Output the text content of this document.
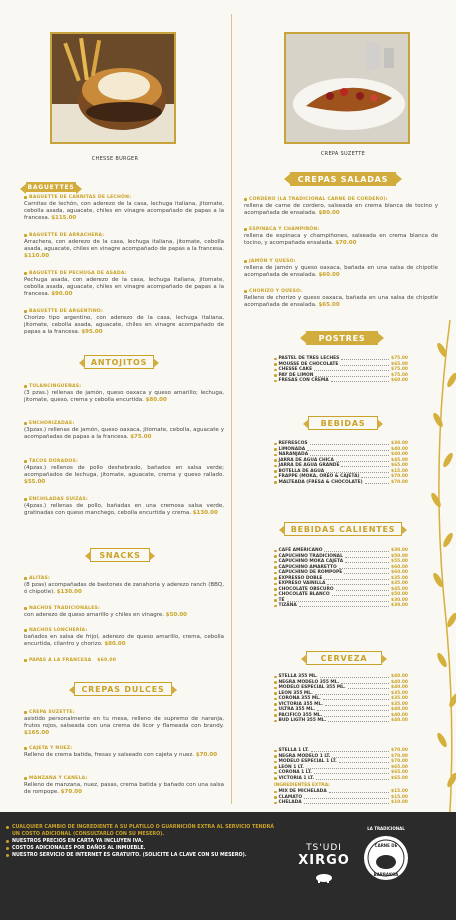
CHESSE BURGER
CREPA SUZETTE
BAGUETTES
BAGUETTE DE CARNITAS DE LECHÓN:
Carnitas de lechón, con aderezo de la casa, lechuga italiana, jitomate, cebolla asada, aguacate, chiles en vinagre acompañado de papas a la francesa. $115.00
BAGUETTE DE ARRACHERA:
Arrachera, con aderezo de la casa, lechuga italiana, jitomate, cebolla asada, aguacate, chiles en vinagre acompañado de papas a la francesa. $110.00
BAGUETTE DE PECHUGA DE ASADA:
Pechuga asada, con aderezo de la casa, lechuga italiana, jitomate, cebolla asada, aguacate, chiles en vinagre acompañado de papas a la francesa. $90.00
BAGUETTE DE ARGENTINO:
Chorizo tipo argentino, con aderezo de la casa, lechuga italiana, jitomate, cebolla asada, aguacate, chiles en vinagre acompañado de papas a la francesa. $95.00
ANTOJITOS
TULANCINGUEÑAS:
(3 pzas.) rellenas de jamón, queso oaxaca y queso amarillo; lechuga, jitomate, queso, crema y cebolla encurtida. $80.00
ENCHORIZADAS:
(3pzas.) rellenas de jamón, queso oaxaca, jitomate, cebolla, aguacate y acompañadas de papas a la francesa. $75.00
TACOS DORADOS:
(4pzas.) rellenos de pollo deshebrado, bañados en salsa verde; acompañados de lechuga, jitomate, aguacate, crema y queso rallado. $55.00
ENCHILADAS SUIZAS:
(4pzas.) rellenas de pollo, bañadas en una cremosa salsa verde, gratinadas con queso manchego, cebolla encurtida y crema. $130.00
SNACKS
ALITAS:
(8 pzas) acompañadas de bastones de zanahoria y aderezo ranch (BBQ, ó chipotle). $130.00
NACHOS TRADICIONALES:
con aderezo de queso amarillo y chiles en vinagre. $50.00
NACHOS LONCHERÍA:
bañados en salsa de frijol, aderezo de queso amarillo, crema, cebolla encurtida, cilantro y chorizo. $80.00
PAPAS A LA FRANCESA
$60.00
CREPAS DULCES
CREPA SUZETTE:
asistido personalmente en tu mesa, relleno de supremo de naranja, frutos rojos, salseada con una crema de licor y flameada con brandy. $165.00
CAJETA Y NUEZ:
Relleno de crema batida, fresas y salseado con cajeta y nuez. $70.00
MANZANA Y CANELA:
Relleno de manzana, nuez, pasas, crema batida y bañado con una salsa de rompope. $70.00
CREPAS SALADAS
CORDERO (LA TRADICIONAL CARNE DE CORDERO):
rellena de carne de cordero, salseada en crema blanca de tocino y acompañada de ensalada. $80.00
ESPINACA Y CHAMPIÑÓN:
rellena de espinaca y champiñones, salseada en crema blanca de tocino, y acompañada ensalada. $70.00
JAMÓN Y QUESO:
rellena de jamón y queso oaxaca, bañada en una salsa de chipotle acompañada de ensalada. $60.00
CHORIZO Y QUESO:
Relleno de chorizo y queso oaxaca, bañada en una salsa de chipotle acompañada de ensalada. $65.00
POSTRES
PASTEL DE TRES LECHES	$75.00
MOUSSE DE CHOCOLATE	$65.00
CHESSE CAKE	$75.00
PAY DE LIMON	$75.00
FRESAS CON CREMA	$60.00
BEBIDAS
REFRESCOS	$30.00
LIMONADA	$40.00
NARANJADA	$40.00
JARRA DE AGUA CHICA	$45.00
JARRA DE AGUA GRANDE	$65.00
BOTELLA DE AGUA	$15.00
FRAPPE (MOKA, OREO & CAJETA)	$70.00
MALTEADA (FRESA & CHOCOLATE)	$70.00
BEBIDAS CALIENTES
CAFÉ AMERICANO	$30.00
CAPUCHINO TRADICIONAL	$50.00
CAPUCHINO MOKA CAJETA	$55.00
CAPUCHINO AMARETTO	$60.00
CAPUCHINO DE ROMPOPE	$60.00
EXPRESSO DOBLE	$35.00
EXPRESO VAINILLA	$35.00
CHOCOLATE OBSCURO	$45.00
CHOCOLATE BLANCO	$50.00
TÉ	$30.00
TIZANA	$30.00
CERVEZA
STELLA 355 ML.	$40.00
NEGRA MODELO 355 ML.	$40.00
MODELO ESPECIAL 355 ML.	$40.00
LEON 355 ML.	$35.00
CORONA 355 ML.	$35.00
VICTORIA 355 ML.	$35.00
ULTRA 355 ML.	$40.00
PACIFICO 355 ML.	$40.00
BUD LIGTH 355 ML.	$40.00
STELLA 1 LT.	$70.00
NEGRA MODELO 1 LT.	$70.00
MODELO ESPECIAL 1 LT.	$70.00
LEON 1 LT.	$65.00
CORONA 1 LT.	$65.00
VICTORIA 1 LT.	$65.00
INGREDIENTES EXTRA:
MIX DE MICHELADA	$15.00
CLAMATO	$15.00
CHELADA	$10.00
CUALQUIER CAMBIO DE INGREDIENTE A SU PLATILLO O GUARNICIÓN EXTRA AL SERVICIO TENDRÁ UN COSTO ADICIONAL (CONSULTARLO CON SU MESERO).
NUESTROS PRECIOS EN CARTA YA INCLUYEN IVA.
COSTOS ADICIONALES POR DAÑOS AL INMUEBLE.
NUESTRO SERVICIO DE INTERNET ES GRATUITO. (SOLICITE LA CLAVE CON SU MESERO).
TS'UDI
XIRGO
LA TRADICIONAL
CARNE DE
BARBAKOA
